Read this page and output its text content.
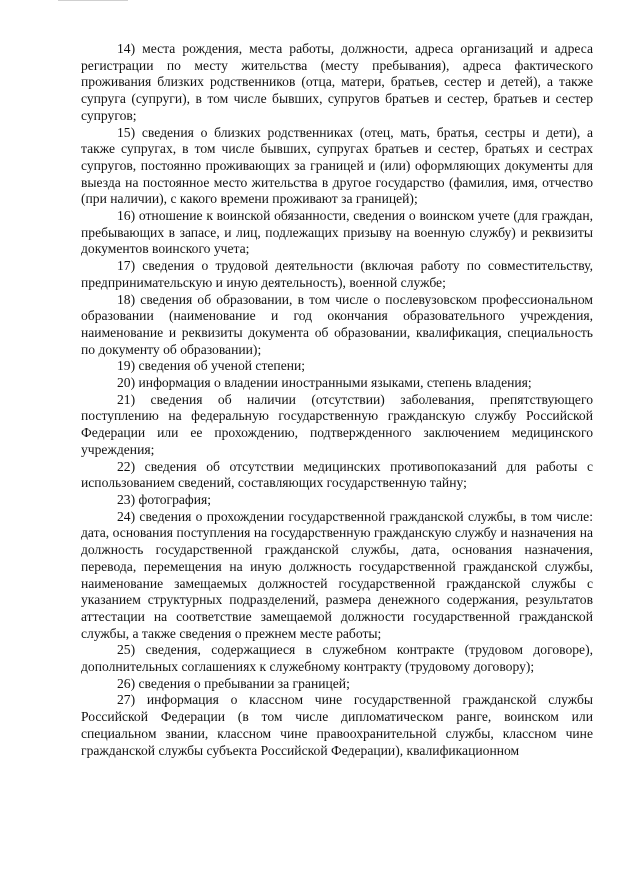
14) места рождения, места работы, должности, адреса организаций и адреса регистрации по месту жительства (месту пребывания), адреса фактического проживания близких родственников (отца, матери, братьев, сестер и детей), а также супруга (супруги), в том числе бывших, супругов братьев и сестер, братьев и сестер супругов;

15) сведения о близких родственниках (отец, мать, братья, сестры и дети), а также супругах, в том числе бывших, супругах братьев и сестер, братьях и сестрах супругов, постоянно проживающих за границей и (или) оформляющих документы для выезда на постоянное место жительства в другое государство (фамилия, имя, отчество (при наличии), с какого времени проживают за границей);

16) отношение к воинской обязанности, сведения о воинском учете (для граждан, пребывающих в запасе, и лиц, подлежащих призыву на военную службу) и реквизиты документов воинского учета;

17) сведения о трудовой деятельности (включая работу по совместительству, предпринимательскую и иную деятельность), военной службе;

18) сведения об образовании, в том числе о послевузовском профессиональном образовании (наименование и год окончания образовательного учреждения, наименование и реквизиты документа об образовании, квалификация, специальность по документу об образовании);

19) сведения об ученой степени;

20) информация о владении иностранными языками, степень владения;

21) сведения об наличии (отсутствии) заболевания, препятствующего поступлению на федеральную государственную гражданскую службу Российской Федерации или ее прохождению, подтвержденного заключением медицинского учреждения;

22) сведения об отсутствии медицинских противопоказаний для работы с использованием сведений, составляющих государственную тайну;

23) фотография;

24) сведения о прохождении государственной гражданской службы, в том числе: дата, основания поступления на государственную гражданскую службу и назначения на должность государственной гражданской службы, дата, основания назначения, перевода, перемещения на иную должность государственной гражданской службы, наименование замещаемых должностей государственной гражданской службы с указанием структурных подразделений, размера денежного содержания, результатов аттестации на соответствие замещаемой должности государственной гражданской службы, а также сведения о прежнем месте работы;

25) сведения, содержащиеся в служебном контракте (трудовом договоре), дополнительных соглашениях к служебному контракту (трудовому договору);

26) сведения о пребывании за границей;

27) информация о классном чине государственной гражданской службы Российской Федерации (в том числе дипломатическом ранге, воинском или специальном звании, классном чине правоохранительной службы, классном чине гражданской службы субъекта Российской Федерации), квалификационном
